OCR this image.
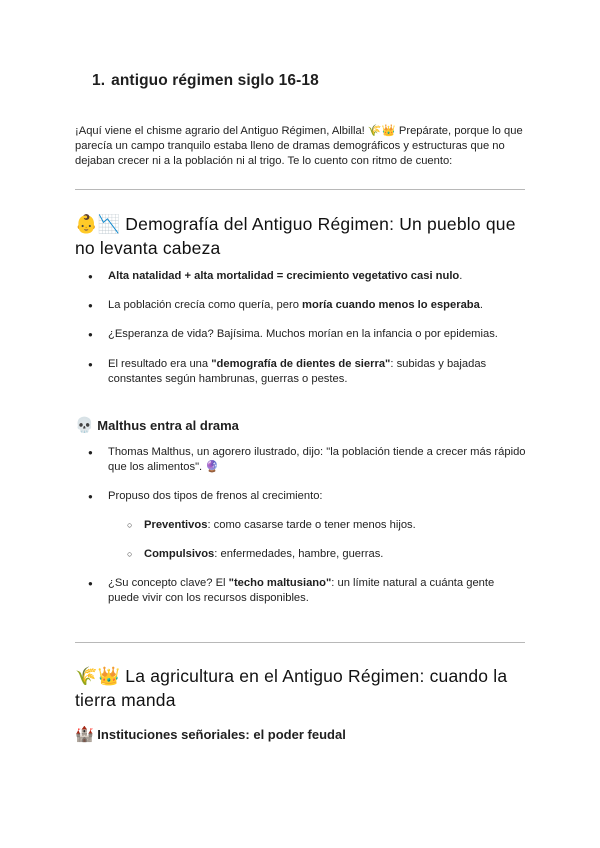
1. antiguo régimen siglo 16-18
¡Aquí viene el chisme agrario del Antiguo Régimen, Albilla! 🌾👑 Prepárate, porque lo que parecía un campo tranquilo estaba lleno de dramas demográficos y estructuras que no dejaban crecer ni a la población ni al trigo. Te lo cuento con ritmo de cuento:
👶📉 Demografía del Antiguo Régimen: Un pueblo que no levanta cabeza
● Alta natalidad + alta mortalidad = crecimiento vegetativo casi nulo.
● La población crecía como quería, pero moría cuando menos lo esperaba.
● ¿Esperanza de vida? Bajísima. Muchos morían en la infancia o por epidemias.
● El resultado era una "demografía de dientes de sierra": subidas y bajadas constantes según hambrunas, guerras o pestes.
💀 Malthus entra al drama
● Thomas Malthus, un agorero ilustrado, dijo: "la población tiende a crecer más rápido que los alimentos". 🔮
● Propuso dos tipos de frenos al crecimiento:
○ Preventivos: como casarse tarde o tener menos hijos.
○ Compulsivos: enfermedades, hambre, guerras.
● ¿Su concepto clave? El "techo maltusiano": un límite natural a cuánta gente puede vivir con los recursos disponibles.
🌾👑 La agricultura en el Antiguo Régimen: cuando la tierra manda
🏰 Instituciones señoriales: el poder feudal
